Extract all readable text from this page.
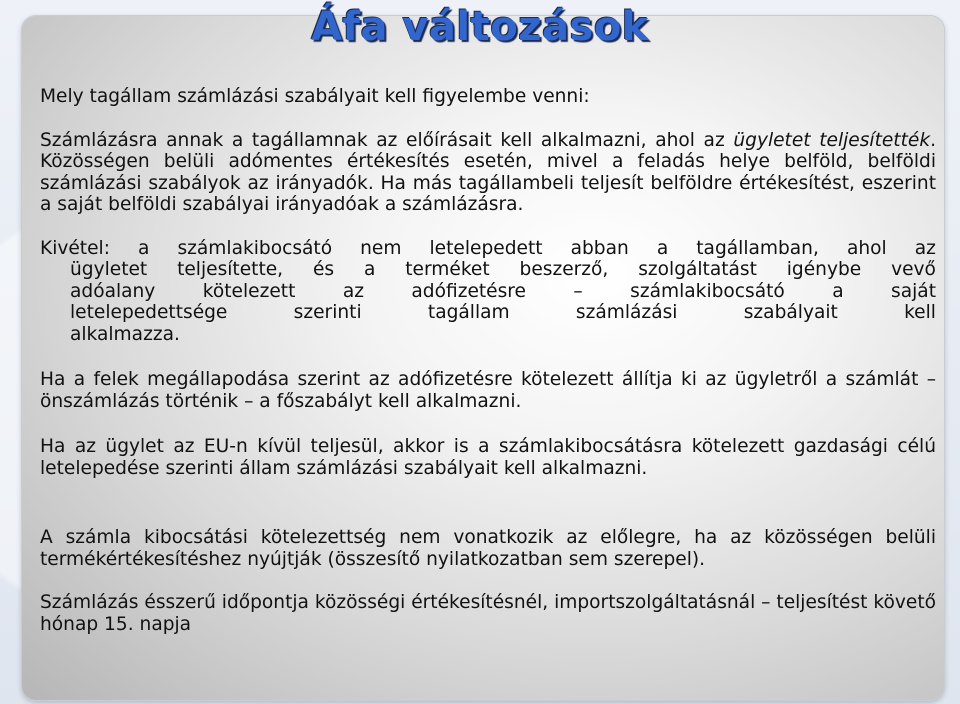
Áfa változások

Mely tagállam számlázási szabályait kell figyelembe venni:

Számlázásra annak a tagállamnak az előírásait kell alkalmazni, ahol az ügyletet teljesítették. Közösségen belüli adómentes értékesítés esetén, mivel a feladás helye belföld, belföldi számlázási szabályok az irányadók. Ha más tagállambeli teljesít belföldre értékesítést, eszerint a saját belföldi szabályai irányadóak a számlázásra.

Kivétel: a számlakibocsátó nem letelepedett abban a tagállamban, ahol az
ügyletet teljesítette, és a terméket beszerző, szolgáltatást igénybe vevő
adóalany	kötelezett	az	adófizetésre	–	számlakibocsátó	a	saját
letelepedettsége	szerinti	tagállam	számlázási	szabályait	kell
alkalmazza.

Ha a felek megállapodása szerint az adófizetésre kötelezett állítja ki az ügyletről a számlát – önszámlázás történik – a főszabályt kell alkalmazni.

Ha az ügylet az EU-n kívül teljesül, akkor is a számlakibocsátásra kötelezett gazdasági célú letelepedése szerinti állam számlázási szabályait kell alkalmazni.

A számla kibocsátási kötelezettség nem vonatkozik az előlegre, ha az közösségen belüli termékértékesítéshez nyújtják (összesítő nyilatkozatban sem szerepel).

Számlázás ésszerű időpontja közösségi értékesítésnél, importszolgáltatásnál – teljesítést követő hónap 15. napja
